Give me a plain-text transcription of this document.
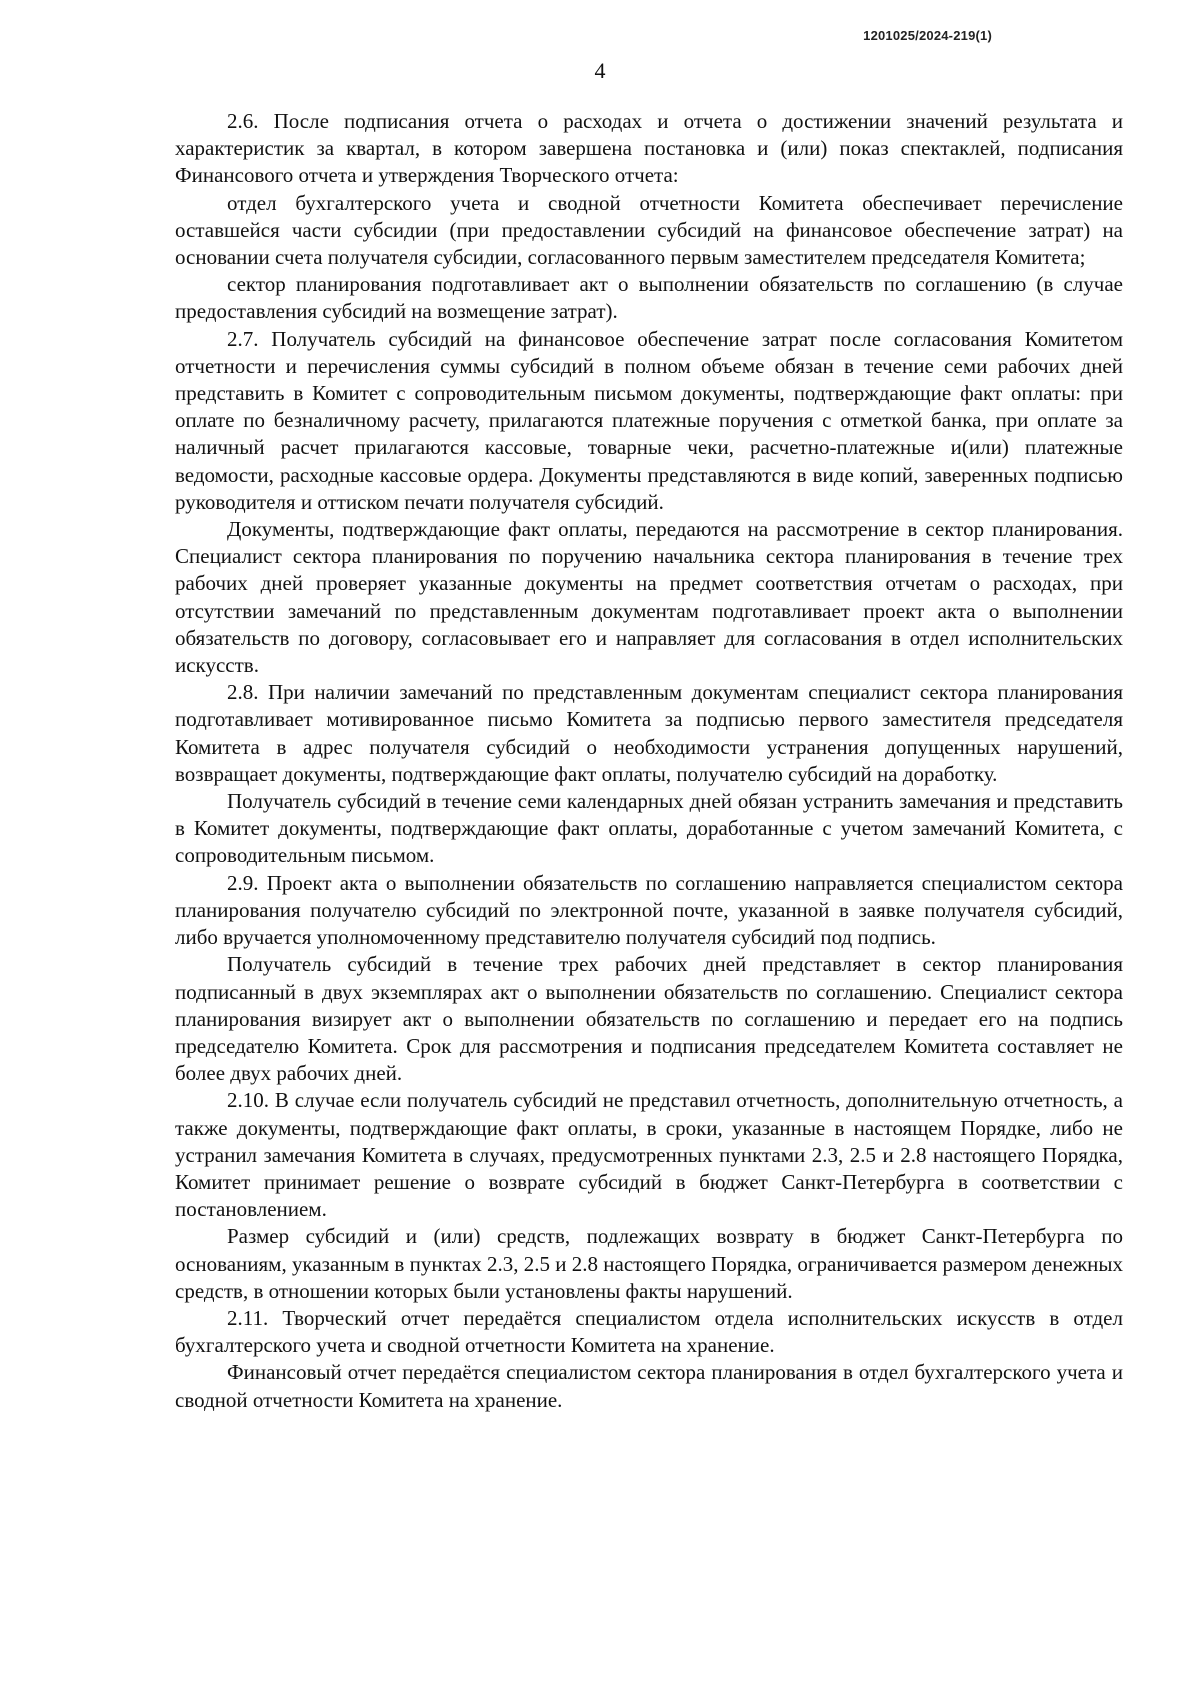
1201025/2024-219(1)
4

2.6. После подписания отчета о расходах и отчета о достижении значений результата и характеристик за квартал, в котором завершена постановка и (или) показ спектаклей, подписания Финансового отчета и утверждения Творческого отчета:

отдел бухгалтерского учета и сводной отчетности Комитета обеспечивает перечисление оставшейся части субсидии (при предоставлении субсидий на финансовое обеспечение затрат) на основании счета получателя субсидии, согласованного первым заместителем председателя Комитета;

сектор планирования подготавливает акт о выполнении обязательств по соглашению (в случае предоставления субсидий на возмещение затрат).

2.7. Получатель субсидий на финансовое обеспечение затрат после согласования Комитетом отчетности и перечисления суммы субсидий в полном объеме обязан в течение семи рабочих дней представить в Комитет с сопроводительным письмом документы, подтверждающие факт оплаты: при оплате по безналичному расчету, прилагаются платежные поручения с отметкой банка, при оплате за наличный расчет прилагаются кассовые, товарные чеки, расчетно-платежные и(или) платежные ведомости, расходные кассовые ордера. Документы представляются в виде копий, заверенных подписью руководителя и оттиском печати получателя субсидий.

Документы, подтверждающие факт оплаты, передаются на рассмотрение в сектор планирования. Специалист сектора планирования по поручению начальника сектора планирования в течение трех рабочих дней проверяет указанные документы на предмет соответствия отчетам о расходах, при отсутствии замечаний по представленным документам подготавливает проект акта о выполнении обязательств по договору, согласовывает его и направляет для согласования в отдел исполнительских искусств.

2.8. При наличии замечаний по представленным документам специалист сектора планирования подготавливает мотивированное письмо Комитета за подписью первого заместителя председателя Комитета в адрес получателя субсидий о необходимости устранения допущенных нарушений, возвращает документы, подтверждающие факт оплаты, получателю субсидий на доработку.

Получатель субсидий в течение семи календарных дней обязан устранить замечания и представить в Комитет документы, подтверждающие факт оплаты, доработанные с учетом замечаний Комитета, с сопроводительным письмом.

2.9. Проект акта о выполнении обязательств по соглашению направляется специалистом сектора планирования получателю субсидий по электронной почте, указанной в заявке получателя субсидий, либо вручается уполномоченному представителю получателя субсидий под подпись.

Получатель субсидий в течение трех рабочих дней представляет в сектор планирования подписанный в двух экземплярах акт о выполнении обязательств по соглашению. Специалист сектора планирования визирует акт о выполнении обязательств по соглашению и передает его на подпись председателю Комитета. Срок для рассмотрения и подписания председателем Комитета составляет не более двух рабочих дней.

2.10. В случае если получатель субсидий не представил отчетность, дополнительную отчетность, а также документы, подтверждающие факт оплаты, в сроки, указанные в настоящем Порядке, либо не устранил замечания Комитета в случаях, предусмотренных пунктами 2.3, 2.5 и 2.8 настоящего Порядка, Комитет принимает решение о возврате субсидий в бюджет Санкт-Петербурга в соответствии с постановлением.

Размер субсидий и (или) средств, подлежащих возврату в бюджет Санкт-Петербурга по основаниям, указанным в пунктах 2.3, 2.5 и 2.8 настоящего Порядка, ограничивается размером денежных средств, в отношении которых были установлены факты нарушений.

2.11. Творческий отчет передаётся специалистом отдела исполнительских искусств в отдел бухгалтерского учета и сводной отчетности Комитета на хранение.

Финансовый отчет передаётся специалистом сектора планирования в отдел бухгалтерского учета и сводной отчетности Комитета на хранение.
